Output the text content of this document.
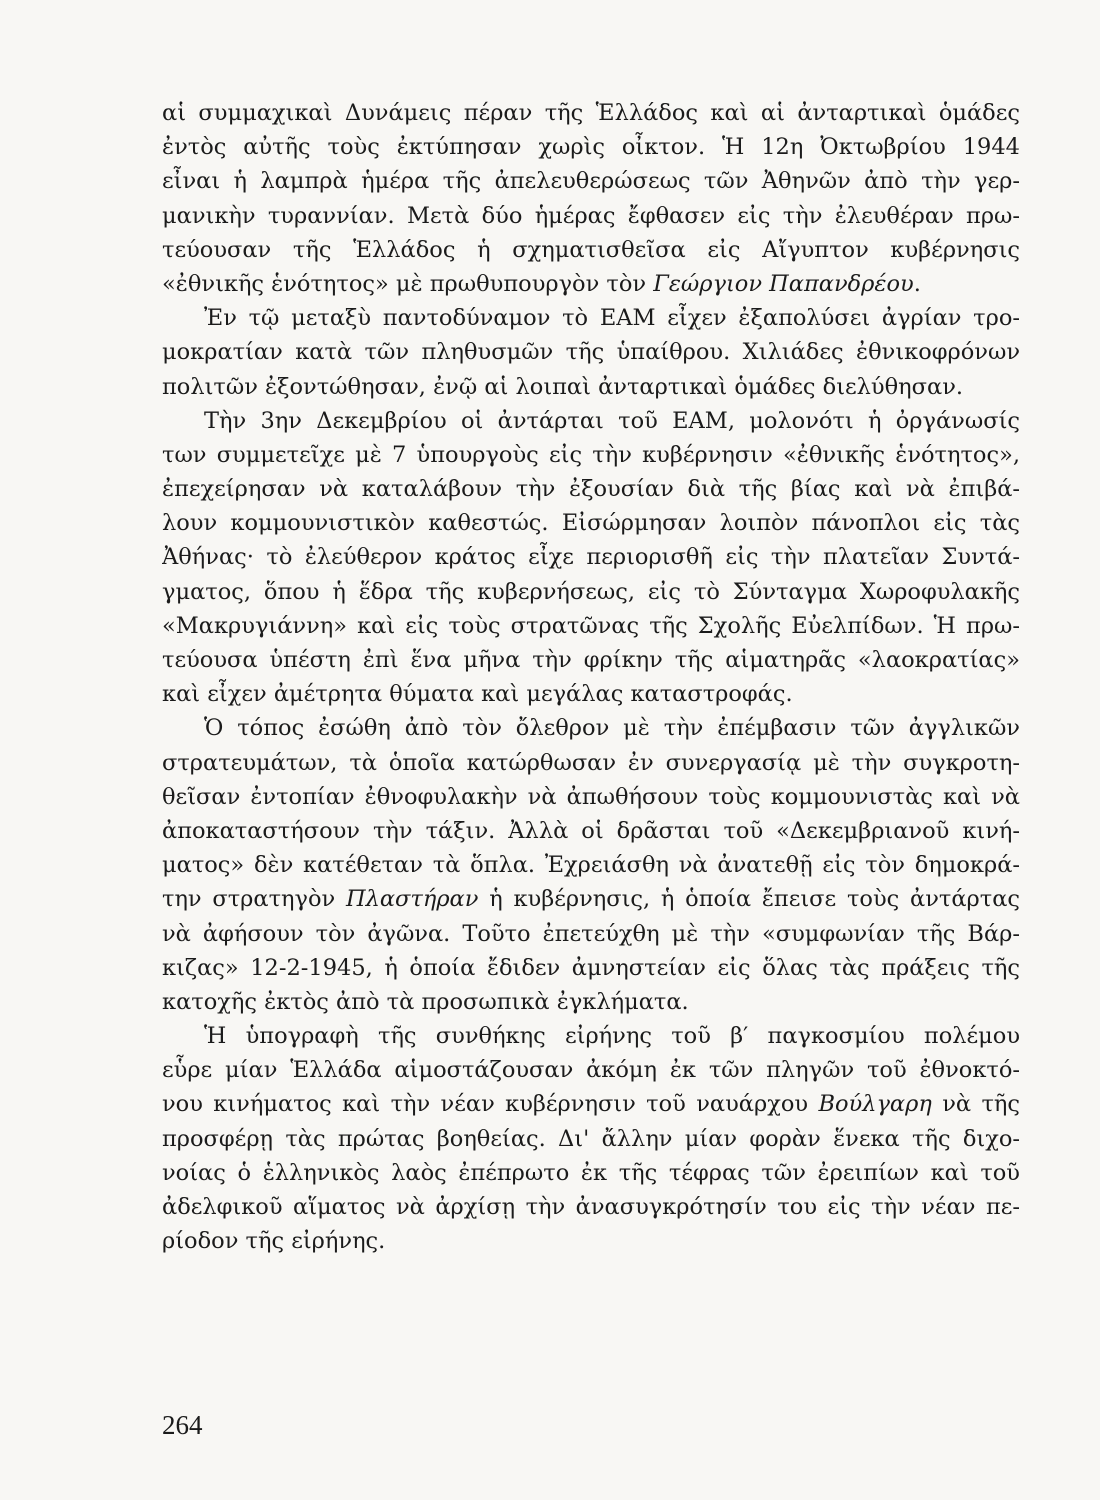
αἱ συμμαχικαὶ Δυνάμεις πέραν τῆς Ἑλλάδος καὶ αἱ ἀνταρτικαὶ ὁμάδες
ἐντὸς αὐτῆς τοὺς ἐκτύπησαν χωρὶς οἶκτον. Ἡ 12η Ὀκτωβρίου 1944
εἶναι ἡ λαμπρὰ ἡμέρα τῆς ἀπελευθερώσεως τῶν Ἀθηνῶν ἀπὸ τὴν γερ-
μανικὴν τυραννίαν. Μετὰ δύο ἡμέρας ἔφθασεν εἰς τὴν ἐλευθέραν πρω-
τεύουσαν τῆς Ἑλλάδος ἡ σχηματισθεῖσα εἰς Αἴγυπτον κυβέρνησις
«ἐθνικῆς ἑνότητος» μὲ πρωθυπουργὸν τὸν Γεώργιον Παπανδρέου.
Ἐν τῷ μεταξὺ παντοδύναμον τὸ ΕΑΜ εἶχεν ἐξαπολύσει ἀγρίαν τρο-
μοκρατίαν κατὰ τῶν πληθυσμῶν τῆς ὑπαίθρου. Χιλιάδες ἐθνικοφρόνων
πολιτῶν ἐξοντώθησαν, ἐνῷ αἱ λοιπαὶ ἀνταρτικαὶ ὁμάδες διελύθησαν.
Τὴν 3ην Δεκεμβρίου οἱ ἀντάρται τοῦ ΕΑΜ, μολονότι ἡ ὀργάνωσίς
των συμμετεῖχε μὲ 7 ὑπουργοὺς εἰς τὴν κυβέρνησιν «ἐθνικῆς ἑνότητος»,
ἐπεχείρησαν νὰ καταλάβουν τὴν ἐξουσίαν διὰ τῆς βίας καὶ νὰ ἐπιβά-
λουν κομμουνιστικὸν καθεστώς. Εἰσώρμησαν λοιπὸν πάνοπλοι εἰς τὰς
Ἀθήνας· τὸ ἐλεύθερον κράτος εἶχε περιορισθῆ εἰς τὴν πλατεῖαν Συντά-
γματος, ὅπου ἡ ἕδρα τῆς κυβερνήσεως, εἰς τὸ Σύνταγμα Χωροφυλακῆς
«Μακρυγιάννη» καὶ εἰς τοὺς στρατῶνας τῆς Σχολῆς Εὐελπίδων. Ἡ πρω-
τεύουσα ὑπέστη ἐπὶ ἕνα μῆνα τὴν φρίκην τῆς αἱματηρᾶς «λαοκρατίας»
καὶ εἶχεν ἀμέτρητα θύματα καὶ μεγάλας καταστροφάς.
Ὁ τόπος ἐσώθη ἀπὸ τὸν ὄλεθρον μὲ τὴν ἐπέμβασιν τῶν ἀγγλικῶν
στρατευμάτων, τὰ ὁποῖα κατώρθωσαν ἐν συνεργασίᾳ μὲ τὴν συγκροτη-
θεῖσαν ἐντοπίαν ἐθνοφυλακὴν νὰ ἀπωθήσουν τοὺς κομμουνιστὰς καὶ νὰ
ἀποκαταστήσουν τὴν τάξιν. Ἀλλὰ οἱ δρᾶσται τοῦ «Δεκεμβριανοῦ κινή-
ματος» δὲν κατέθεταν τὰ ὅπλα. Ἐχρειάσθη νὰ ἀνατεθῇ εἰς τὸν δημοκρά-
την στρατηγὸν Πλαστήραν ἡ κυβέρνησις, ἡ ὁποία ἔπεισε τοὺς ἀντάρτας
νὰ ἀφήσουν τὸν ἀγῶνα. Τοῦτο ἐπετεύχθη μὲ τὴν «συμφωνίαν τῆς Βάρ-
κιζας» 12-2-1945, ἡ ὁποία ἔδιδεν ἀμνηστείαν εἰς ὅλας τὰς πράξεις τῆς
κατοχῆς ἐκτὸς ἀπὸ τὰ προσωπικὰ ἐγκλήματα.
Ἡ ὑπογραφὴ τῆς συνθήκης εἰρήνης τοῦ β′ παγκοσμίου πολέμου
εὗρε μίαν Ἑλλάδα αἱμοστάζουσαν ἀκόμη ἐκ τῶν πληγῶν τοῦ ἐθνοκτό-
νου κινήματος καὶ τὴν νέαν κυβέρνησιν τοῦ ναυάρχου Βούλγαρη νὰ τῆς
προσφέρῃ τὰς πρώτας βοηθείας. Δι' ἄλλην μίαν φορὰν ἕνεκα τῆς διχο-
νοίας ὁ ἑλληνικὸς λαὸς ἐπέπρωτο ἐκ τῆς τέφρας τῶν ἐρειπίων καὶ τοῦ
ἀδελφικοῦ αἵματος νὰ ἀρχίσῃ τὴν ἀνασυγκρότησίν του εἰς τὴν νέαν πε-
ρίοδον τῆς εἰρήνης.
264
